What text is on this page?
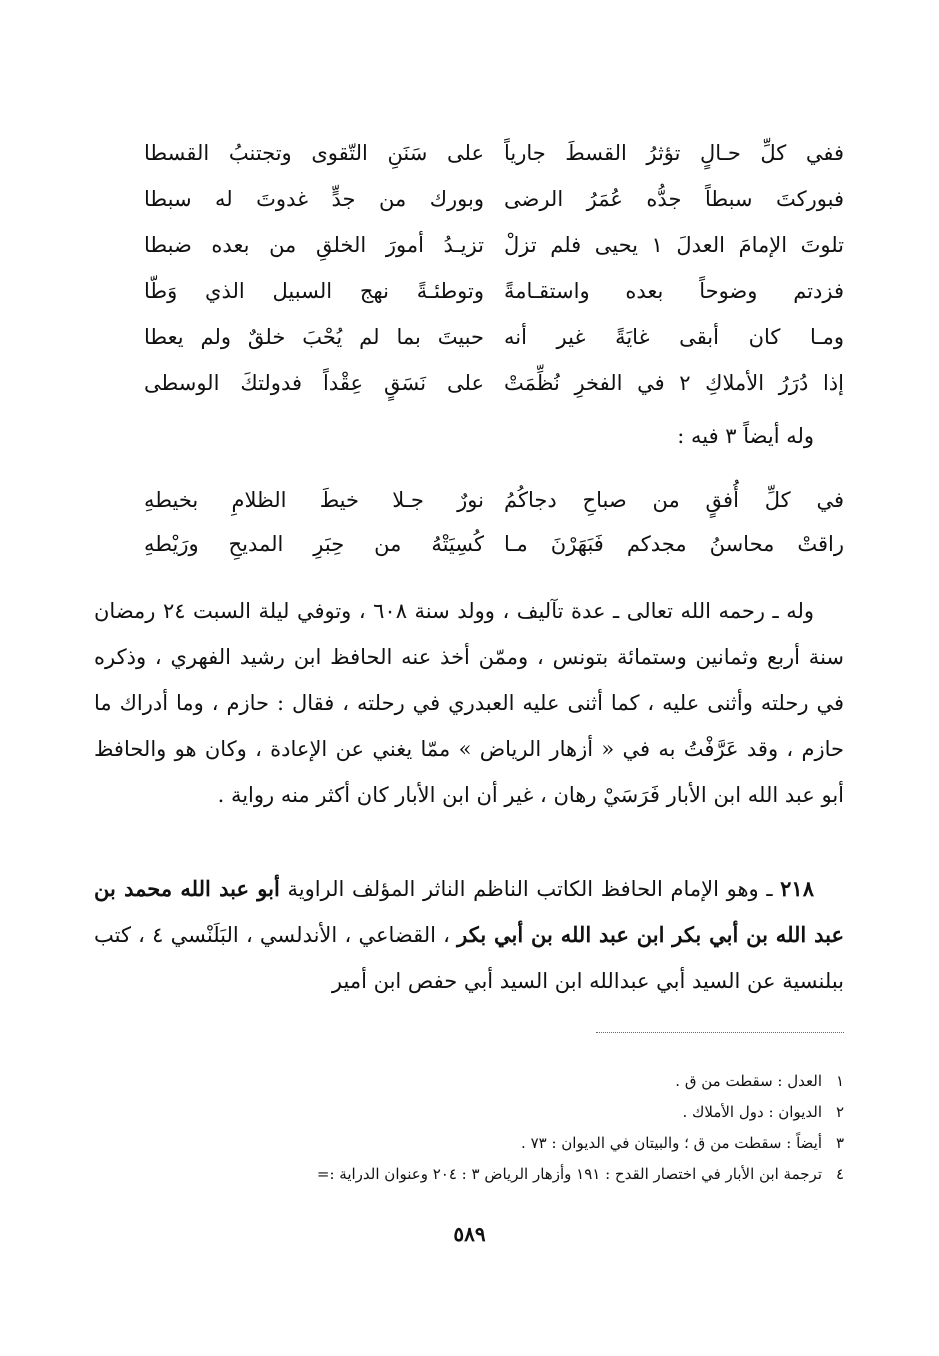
ففي كلِّ حـالٍ تؤثرُ القسطَ جارياً
على سَنَنِ التّقوى وتجتنبُ القسطا
فبوركتَ سبطاً جدُّه عُمَرُ الرضى
وبورك من جدٍّ غدوتَ له سبطا
تلوتَ الإمامَ العدلَ ١ يحيى فلم تزلْ
تزيـدُ أمورَ الخلقِ من بعده ضبطا
فزدتم وضوحاً بعده واستقـامةً
وتوطئـةً نهج السبيل الذي وَطّا
ومـا كان أبقى غايَةً غير أنه
حبيتَ بما لم يُحْبَ خلقٌ ولم يعطا
إذا دُرَرُ الأملاكِ ٢ في الفخرِ نُظِّمَتْ
على نَسَقٍ عِقْداً فدولتكَ الوسطى
وله أيضاً ٣ فيه :
في كلِّ أُفقٍ من صباحِ دجاكُمُ
نورٌ جـلا خيطَ الظلامِ بخيطهِ
راقتْ محاسنُ مجدكم فَبَهَرْنَ مـا
كُسِيَتْهُ من حِبَرِ المديحِ ورَيْطهِ
وله ـ رحمه الله تعالى ـ عدة تآليف ، وولد سنة ٦٠٨ ، وتوفي ليلة السبت ٢٤ رمضان سنة أربع وثمانين وستمائة بتونس ، وممّن أخذ عنه الحافظ ابن رشيد الفهري ، وذكره في رحلته وأثنى عليه ، كما أثنى عليه العبدري في رحلته ، فقال : حازم ، وما أدراك ما حازم ، وقد عَرَّفْتُ به في « أزهار الرياض » ممّا يغني عن الإعادة ، وكان هو والحافظ أبو عبد الله ابن الأبار فَرَسَيْ رهان ، غير أن ابن الأبار كان أكثر منه رواية .
٢١٨ ـ وهو الإمام الحافظ الكاتب الناظم الناثر المؤلف الراوية أبو عبد الله محمد بن عبد الله بن أبي بكر ابن عبد الله بن أبي بكر ، القضاعي ، الأندلسي ، البَلَنْسي ٤ ، كتب ببلنسية عن السيد أبي عبدالله ابن السيد أبي حفص ابن أمير
١
العدل : سقطت من ق .
٢
الديوان : دول الأملاك .
٣
أيضاً : سقطت من ق ؛ والبيتان في الديوان : ٧٣ .
٤
ترجمة ابن الأبار في اختصار القدح : ١٩١ وأزهار الرياض ٣ : ٢٠٤ وعنوان الدراية :=
٥٨٩
